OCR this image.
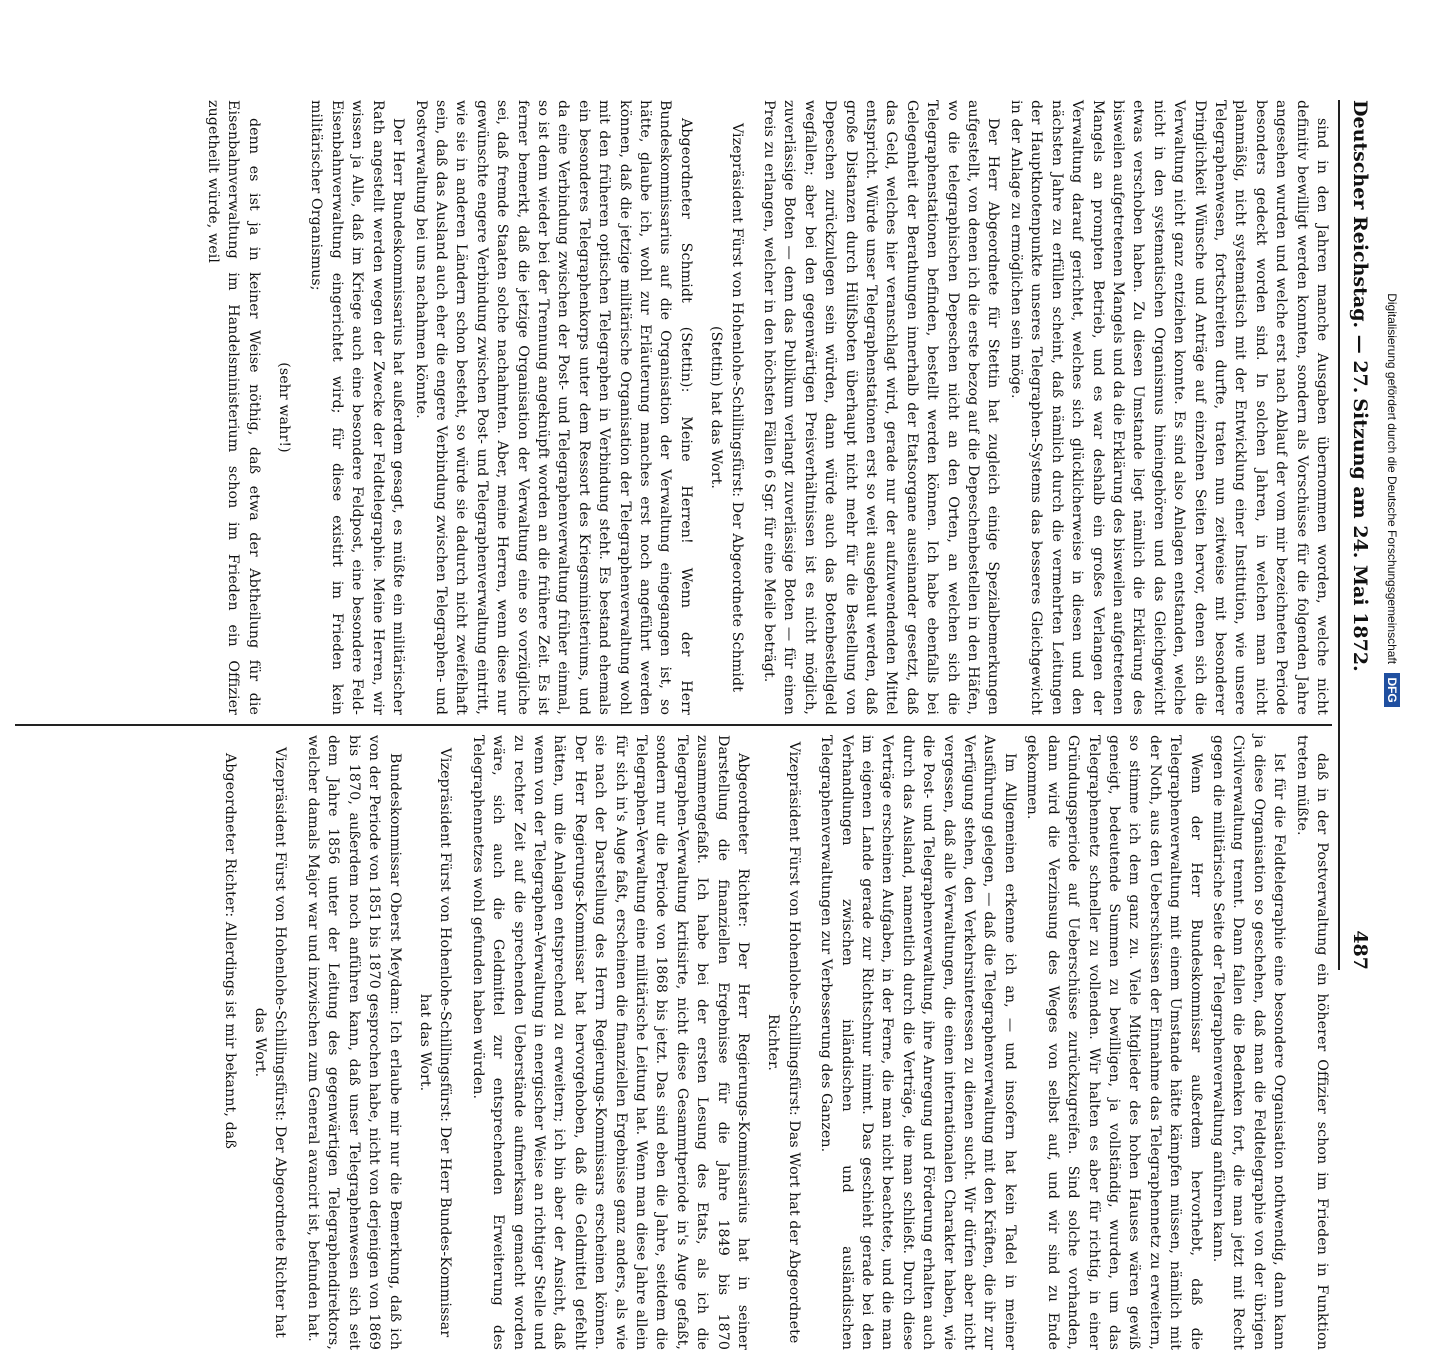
Deutscher Reichstag. — 27.
Sitzung am 24. Mai 1872.
487

sind in den Jahren manche Ausgaben übernommen worden, welche nicht definitiv bewilligt werden konnten, sondern als Vorschüsse für die folgenden Jahre angesehen wurden und welche erst nach Ablauf der vom mir bezeichneten Periode besonders gedeckt worden sind. In solchen Jahren, in welchen man nicht planmäßig, nicht systematisch mit der Entwicklung einer Institution, wie unsere Telegraphenwesen, fortschreiten durfte, traten nun zeitweise mit besonderer Dringlichkeit Wünsche und Anträge auf einzelnen Seiten hervor, denen sich die Verwaltung nicht ganz entziehen konnte. Es sind also Anlagen entstanden, welche nicht in den systematischen Organismus hineingehören und das Gleichgewicht etwas verschoben haben. Zu diesen Umstande liegt nämlich die Erklärung des bisweilen aufgetretenen Mangels und da die Erklärung des bisweilen aufgetretenen Mangels an prompten Betrieb, und es war deshalb ein großes Verlangen der Verwaltung darauf gerichtet, welches sich glücklicherweise in diesen und den nächsten Jahre zu erfüllen scheint, daß nämlich durch die vermehrten Leitungen der Hauptknotenpunkte unseres Telegraphen-Systems das besseres Gleichgewicht in der Anlage zu ermöglichen sein möge.

Der Herr Abgeordnete für Stettin hat zugleich einige Spezialbemerkungen aufgestellt, von denen ich die erste bezog auf die Depeschenbestellen in den Häfen, wo die telegraphischen Depeschen nicht an den Orten, an welchen sich die Telegraphenstationen befinden, bestellt werden können. Ich habe ebenfalls bei Gelegenheit der Berathungen innerhalb der Etatsorgane auseinander gesetzt, daß das Geld, welches hier veranschlagt wird, gerade nur der aufzuwendenden Mittel entspricht. Würde unser Telegraphenstationen erst so weit ausgebaut werden, daß große Distanzen durch Hülfsboten überhaupt nicht mehr für die Bestellung von Depeschen zurückzulegen sein würden, dann würde auch das Botenbestellgeld wegfallen; aber bei den gegenwärtigen Preisverhältnissen ist es nicht möglich, zuverlässige Boten — denn das Publikum verlangt zuverlässige Boten — für einen Preis zu erlangen, welcher in den höchsten Fällen 6 Sgr. für eine Meile beträgt.

Vizepräsident Fürst von Hohenlohe-Schillingsfürst: Der Abgeordnete Schmidt (Stettin) hat das Wort.

Abgeordneter Schmidt (Stettin): Meine Herren! Wenn der Herr Bundeskommissarius auf die Organisation der Verwaltung eingegangen ist, so hätte, glaube ich, wohl zur Erläuterung manches erst noch angeführt werden können, daß die jetzige militärische Organisation der Telegraphenverwaltung wohl mit den früheren optischen Telegraphen in Verbindung steht. Es bestand ehemals ein besonderes Telegraphenkorps unter dem Ressort des Kriegsministeriums, und da eine Verbindung zwischen der Post- und Telegraphenverwaltung früher einmal, so ist denn wieder bei der Trennung angeknüpft worden an die frühere Zeit. Es ist ferner bemerkt, daß die jetzige Organisation der Verwaltung eine so vorzügliche sei, daß fremde Staaten solche nachahmten. Aber, meine Herren, wenn diese nur gewünschte engere Verbindung zwischen Post- und Telegraphenverwaltung eintritt, wie sie in anderen Ländern schon besteht, so würde sie dadurch nicht zweifelhaft sein, daß das Ausland auch eher die engere Verbindung zwischen Telegraphen- und Postverwaltung bei uns nachahmen könnte.

Der Herr Bundeskommissarius hat außerdem gesagt, es müßte ein militärischer Rath angestellt werden wegen der Zwecke der Feldtelegraphie. Meine Herren, wir wissen ja Alle, daß im Kriege auch eine besondere Feldpost, eine besondere Feld-Eisenbahnverwaltung eingerichtet wird; für diese existirt im Frieden kein militärischer Organismus;

(sehr wahr!)

denn es ist ja in keiner Weise nöthig, daß etwa der Abtheilung für die Eisenbahnverwaltung im Handelsministerium schon im Frieden ein Offizier zugetheilt würde, weil

daß in der Postverwaltung ein höherer Offizier schon im Frieden in Funktion treten müßte.

Ist für die Feldtelegraphie eine besondere Organisation nothwendig, dann kann ja diese Organisation so geschehen, daß man die Feldtelegraphie von der übrigen Civilverwaltung trennt. Dann fallen die Bedenken fort, die man jetzt mit Recht gegen die militärische Seite der Telegraphenverwaltung anführen kann.

Wenn der Herr Bundeskommissar außerdem hervorhebt, daß die Telegraphenverwaltung mit einem Umstande hätte kämpfen müssen, nämlich mit der Noth, aus den Ueberschüssen der Einnahme das Telegraphennetz zu erweitern, so stimme ich dem ganz zu. Viele Mitglieder des hohen Hauses wären gewiß geneigt, bedeutende Summen zu bewilligen, ja vollständig, wurden, um das Telegraphennetz schneller zu vollenden. Wir halten es aber für richtig, in einer Gründungsperiode auf Ueberschüsse zurückzugreifen. Sind solche vorhanden, dann wird die Verzinsung des Weges von selbst auf, und wir sind zu Ende gekommen.

Im Allgemeinen erkenne ich an, — und insofern hat kein Tadel in meiner Ausführung gelegen, — daß die Telegraphenverwaltung mit den Kräften, die ihr zur Verfügung stehen, den Verkehrsinteressen zu dienen sucht. Wir dürfen aber nicht vergessen, daß alle Verwaltungen, die einen internationalen Charakter haben, wie die Post- und Telegraphenverwaltung, ihre Anregung und Förderung erhalten auch durch das Ausland, namentlich durch die Verträge, die man schließt. Durch diese Verträge erscheinen Aufgaben, in der Ferne, die man nicht beachtete, und die man im eigenen Lande gerade zur Richtschnur nimmt. Das geschieht gerade bei den Verhandlungen zwischen inländischen und ausländischen Telegraphenverwaltungen zur Verbesserung des Ganzen.

Vizepräsident Fürst von Hohenlohe-Schillingsfürst: Das Wort hat der Abgeordnete Richter.

Abgeordneter Richter: Der Herr Regierungs-Kommissarius hat in seiner Darstellung die finanziellen Ergebnisse für die Jahre 1849 bis 1870 zusammengefaßt. Ich habe bei der ersten Lesung des Etats, als ich die Telegraphen-Verwaltung kritisirte, nicht diese Gesammtperiode in's Auge gefaßt, sondern nur die Periode von 1868 bis jetzt. Das sind eben die Jahre, seitdem die Telegraphen-Verwaltung eine militärische Leitung hat. Wenn man diese Jahre allein für sich in's Auge faßt, erscheinen die finanziellen Ergebnisse ganz anders, als wie sie nach der Darstellung des Herrn Regierungs-Kommissars erscheinen können. Der Herr Regierungs-Kommissar hat hervorgehoben, daß die Geldmittel gefehlt hätten, um die Anlagen entsprechend zu erweitern; ich bin aber der Ansicht, daß wenn von der Telegraphen-Verwaltung in energischer Weise an richtiger Stelle und zu rechter Zeit auf die sprechenden Ueberstände aufmerksam gemacht worden wäre, sich auch die Geldmittel zur entsprechenden Erweiterung des Telegraphennetzes wohl gefunden haben würden.

Vizepräsident Fürst von Hohenlohe-Schillingsfürst: Der Herr Bundes-Kommissar hat das Wort.

Bundeskommissar Oberst Meydam: Ich erlaube mir nur die Bemerkung, daß ich von der Periode von 1851 bis 1870 gesprochen habe, nicht von derjenigen von 1869 bis 1870, außerdem noch anführen kann, daß unser Telegraphenwesen sich seit dem Jahre 1856 unter der Leitung des gegenwärtigen Telegraphendirektors, welcher damals Major war und inzwischen zum General avancirt ist, befunden hat.

Vizepräsident Fürst von Hohenlohe-Schillingsfürst: Der Abgeordnete Richter hat das Wort.

Abgeordneter Richter: Allerdings ist mir bekannt, daß

Digitalisierung gefördert durch die Deutsche Forschungsgemeinschaft DFG
